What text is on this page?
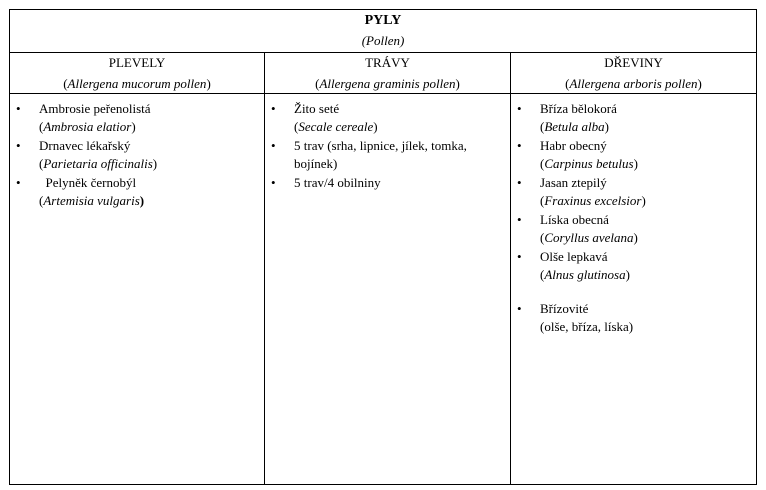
PYLY
(Pollen)
PLEVELY
(Allergena mucorum pollen)
• Ambrosie peřenolistá
(Ambrosia elatior)
• Drnavec lékařský
(Parietaria officinalis)
• Pelyněk černobýl
(Artemisia vulgaris)
TRÁVY
(Allergena graminis pollen)
• Žito seté
(Secale cereale)
• 5 trav (srha, lipnice, jílek, tomka, bojínek)
• 5 trav/4 obilniny
DŘEVINY
(Allergena arboris pollen)
• Bříza bělokorá
(Betula alba)
• Habr obecný
(Carpinus betulus)
• Jasan ztepilý
(Fraxinus excelsior)
• Líska obecná
(Coryllus avelana)
• Olše lepkavá
(Alnus glutinosa)
• Břízovité
(olše, bříza, líska)
